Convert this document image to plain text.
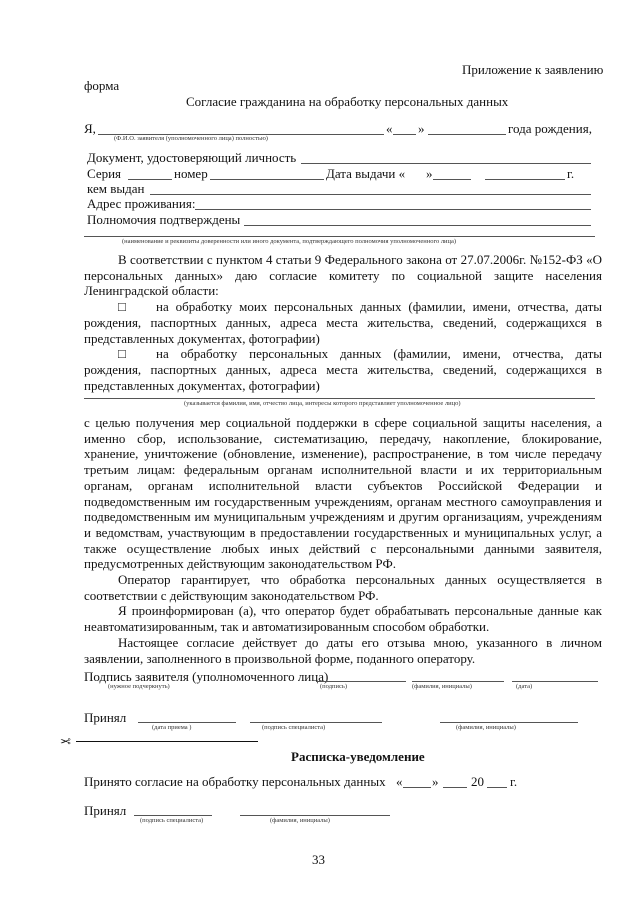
Приложение к заявлению
форма
Согласие гражданина на обработку персональных данных
Я,	« »	года рождения,
(Ф.И.О. заявителя (уполномоченного лица) полностью)
Документ, удостоверяющий личность
Серия	номер	Дата выдачи « »	г.
кем выдан
Адрес проживания:
Полномочия подтверждены
(наименование и реквизиты доверенности или иного документа, подтверждающего полномочия уполномоченного лица)

В соответствии с пунктом 4 статьи 9 Федерального закона от 27.07.2006г. №152-ФЗ «О персональных данных» даю согласие комитету по социальной защите населения Ленинградской области:

□ на обработку моих персональных данных (фамилии, имени, отчества, даты рождения, паспортных данных, адреса места жительства, сведений, содержащихся в представленных документах, фотографии)

□ на обработку персональных данных (фамилии, имени, отчества, даты рождения, паспортных данных, адреса места жительства, сведений, содержащихся в представленных документах, фотографии)

(указывается фамилия, имя, отчество лица, интересы которого представляет уполномоченное лицо)

с целью получения мер социальной поддержки в сфере социальной защиты населения, а именно сбор, использование, систематизацию, передачу, накопление, блокирование, хранение, уничтожение (обновление, изменение), распространение, в том числе передачу третьим лицам: федеральным органам исполнительной власти и их территориальным органам, органам исполнительной власти субъектов Российской Федерации и подведомственным им государственным учреждениям, органам местного самоуправления и подведомственным им муниципальным учреждениям и другим организациям, учреждениям и ведомствам, участвующим в предоставлении государственных и муниципальных услуг, а также осуществление любых иных действий с персональными данными заявителя, предусмотренных действующим законодательством РФ.

Оператор гарантирует, что обработка персональных данных осуществляется в соответствии с действующим законодательством РФ.

Я проинформирован (а), что оператор будет обрабатывать персональные данные как неавтоматизированным, так и автоматизированным способом обработки.

Настоящее согласие действует до даты его отзыва мною, указанного в личном заявлении, заполненного в произвольной форме, поданного оператору.

Подпись заявителя (уполномоченного лица)
(нужное подчеркнуть)	(подпись)	(фамилия, инициалы)	(дата)
Принял
(дата приема )	(подпись специалиста)	(фамилия, инициалы)
✂
Расписка-уведомление
Принято согласие на обработку персональных данных « »	20 г.
Принял
(подпись специалиста)	(фамилия, инициалы)
33
